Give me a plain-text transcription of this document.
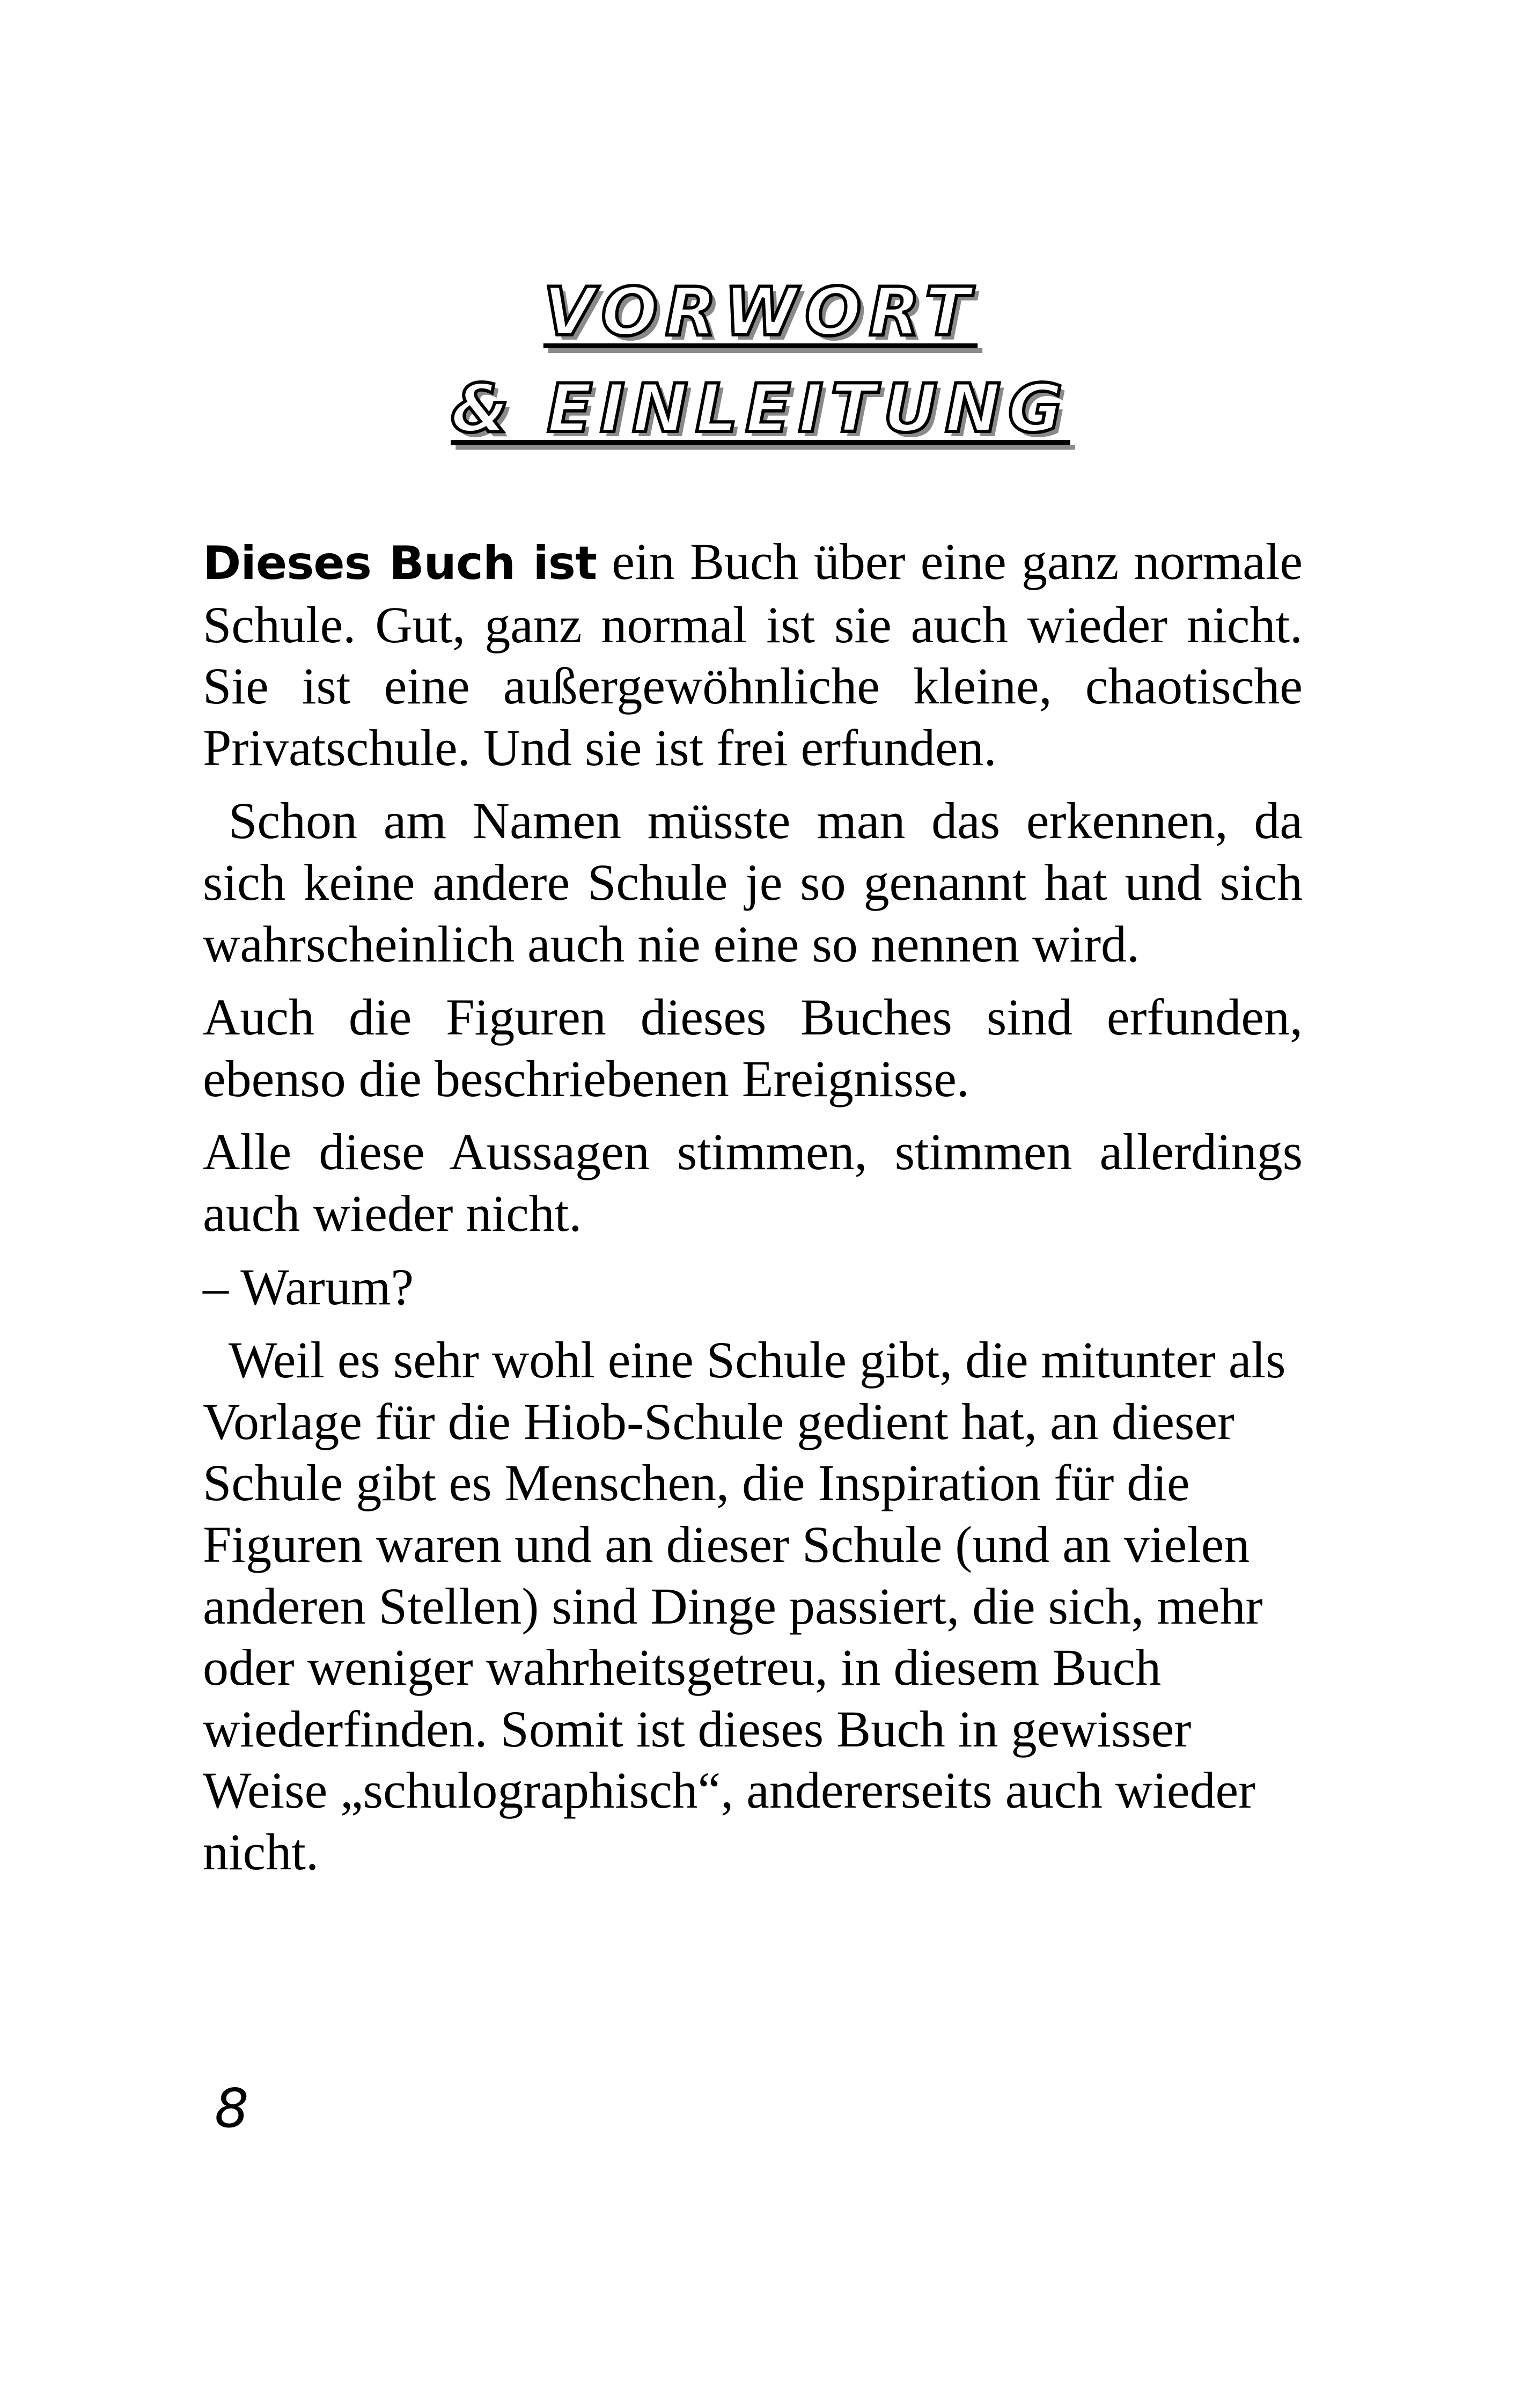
VORWORT
& EINLEITUNG

Dieses Buch ist ein Buch über eine ganz normale Schule. Gut, ganz normal ist sie auch wieder nicht. Sie ist eine außergewöhnliche kleine, chaotische Privatschule. Und sie ist frei erfunden.

Schon am Namen müsste man das erkennen, da sich keine andere Schule je so genannt hat und sich wahrscheinlich auch nie eine so nennen wird.

Auch die Figuren dieses Buches sind erfunden, ebenso die beschriebenen Ereignisse.

Alle diese Aussagen stimmen, stimmen allerdings auch wieder nicht.

– Warum?

Weil es sehr wohl eine Schule gibt, die mitunter als Vorlage für die Hiob-Schule gedient hat, an dieser Schule gibt es Menschen, die Inspiration für die Figuren waren und an dieser Schule (und an vielen anderen Stellen) sind Dinge passiert, die sich, mehr oder weniger wahrheitsgetreu, in diesem Buch wiederfinden. Somit ist dieses Buch in gewisser Weise „schulographisch“, andererseits auch wieder nicht.

8
